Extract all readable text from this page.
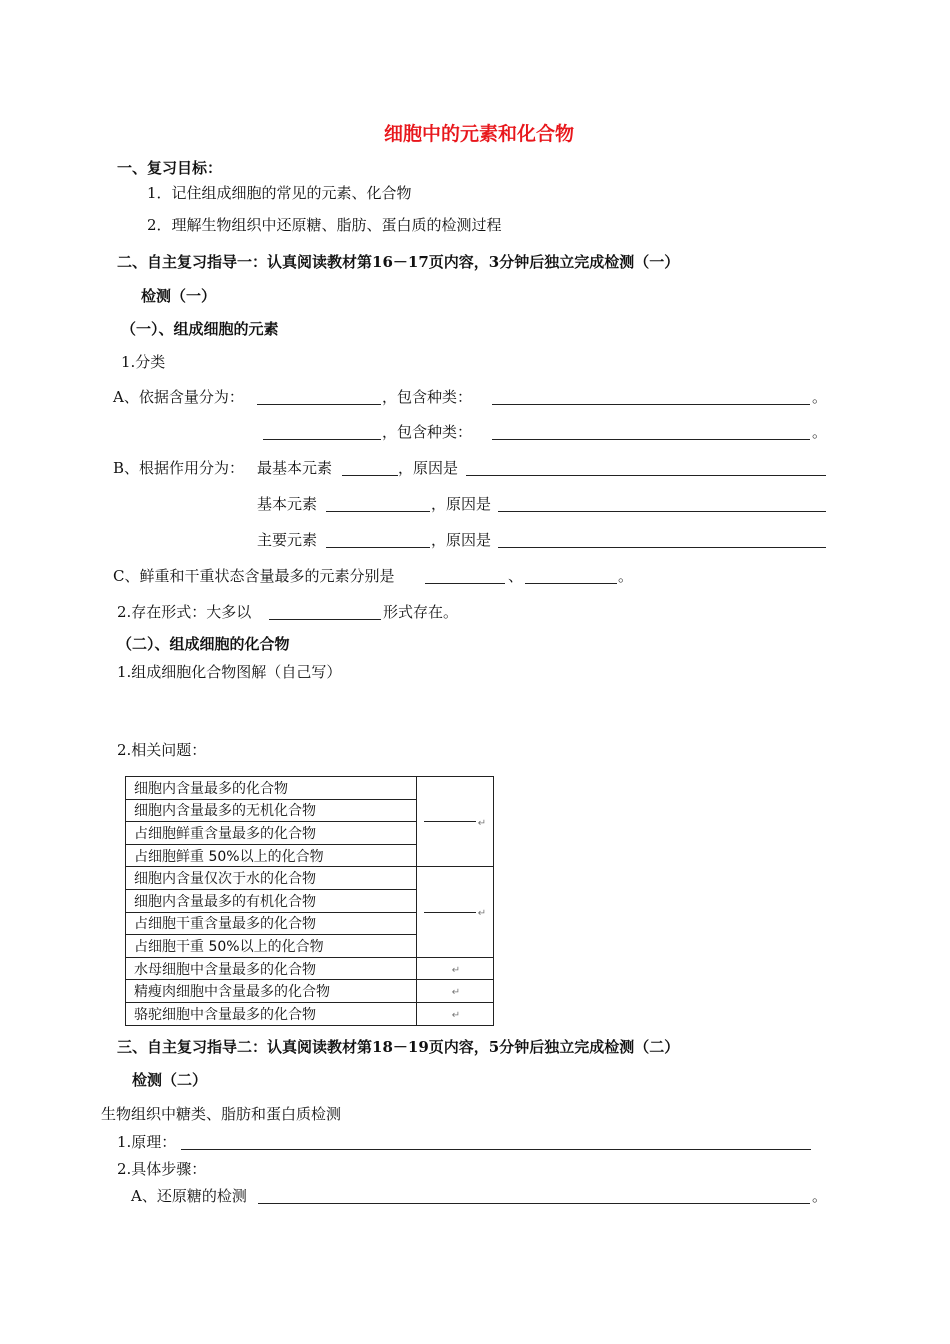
细胞中的元素和化合物
一、复习目标：
1．记住组成细胞的常见的元素、化合物
2．理解生物组织中还原糖、脂肪、蛋白质的检测过程
二、自主复习指导一：认真阅读教材第16－17页内容，3分钟后独立完成检测（一）
检测（一）
（一）、组成细胞的元素
1.分类
A、依据含量分为：	，包含种类：	。
，包含种类：	。
B、根据作用分为： 最基本元素	，原因是
基本元素	，原因是
主要元素	，原因是
C、鲜重和干重状态含量最多的元素分别是	、	。
2.存在形式：大多以	形式存在。
（二）、组成细胞的化合物
1.组成细胞化合物图解（自己写）
2.相关问题：
细胞内含量最多的化合物	↵
细胞内含量最多的无机化合物	
占细胞鲜重含量最多的化合物	
占细胞鲜重 50%以上的化合物	
细胞内含量仅次于水的化合物	↵
细胞内含量最多的有机化合物	
占细胞干重含量最多的化合物	
占细胞干重 50%以上的化合物	
水母细胞中含量最多的化合物	↵
精瘦肉细胞中含量最多的化合物	↵
骆驼细胞中含量最多的化合物	↵
三、自主复习指导二：认真阅读教材第18－19页内容，5分钟后独立完成检测（二）
检测（二）
生物组织中糖类、脂肪和蛋白质检测
1.原理：
2.具体步骤：
A、还原糖的检测	。
